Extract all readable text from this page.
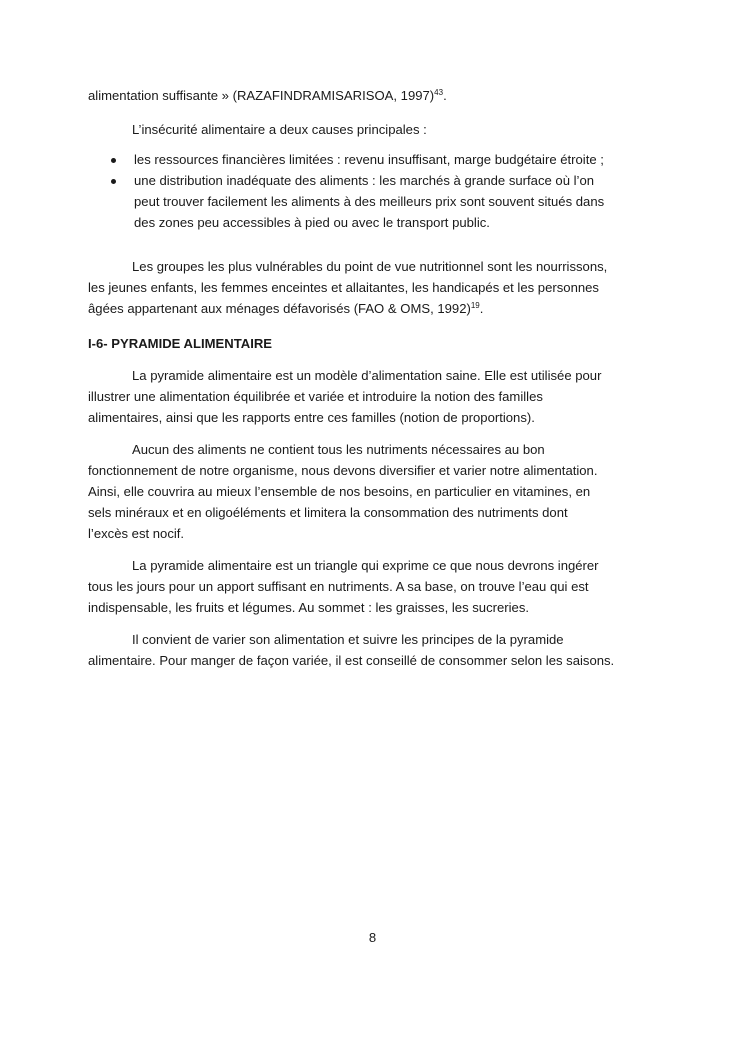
alimentation suffisante » (RAZAFINDRAMISARISOA, 1997)$^{43}$.
L’insécurité alimentaire a deux causes principales :
les ressources financières limitées : revenu insuffisant, marge budgétaire étroite ;
une distribution inadéquate des aliments : les marchés à grande surface où l’on
peut trouver facilement les aliments à des meilleurs prix sont souvent situés dans
des zones peu accessibles à pied ou avec le transport public.
Les groupes les plus vulnérables du point de vue nutritionnel sont les nourrissons,
les jeunes enfants, les femmes enceintes et allaitantes, les handicapés et les personnes
âgées appartenant aux ménages défavorisés (FAO & OMS, 1992)$^{19}$.
I-6- PYRAMIDE ALIMENTAIRE
La pyramide alimentaire est un modèle d’alimentation saine. Elle est utilisée pour
illustrer une alimentation équilibrée et variée et introduire la notion des familles
alimentaires, ainsi que les rapports entre ces familles (notion de proportions).
Aucun des aliments ne contient tous les nutriments nécessaires au bon
fonctionnement de notre organisme, nous devons diversifier et varier notre alimentation.
Ainsi, elle couvrira au mieux l’ensemble de nos besoins, en particulier en vitamines, en
sels minéraux et en oligoéléments et limitera la consommation des nutriments dont
l’excès est nocif.
La pyramide alimentaire est un triangle qui exprime ce que nous devrons ingérer
tous les jours pour un apport suffisant en nutriments. A sa base, on trouve l’eau qui est
indispensable, les fruits et légumes. Au sommet : les graisses, les sucreries.
Il convient de varier son alimentation et suivre les principes de la pyramide
alimentaire. Pour manger de façon variée, il est conseillé de consommer selon les saisons.
8
